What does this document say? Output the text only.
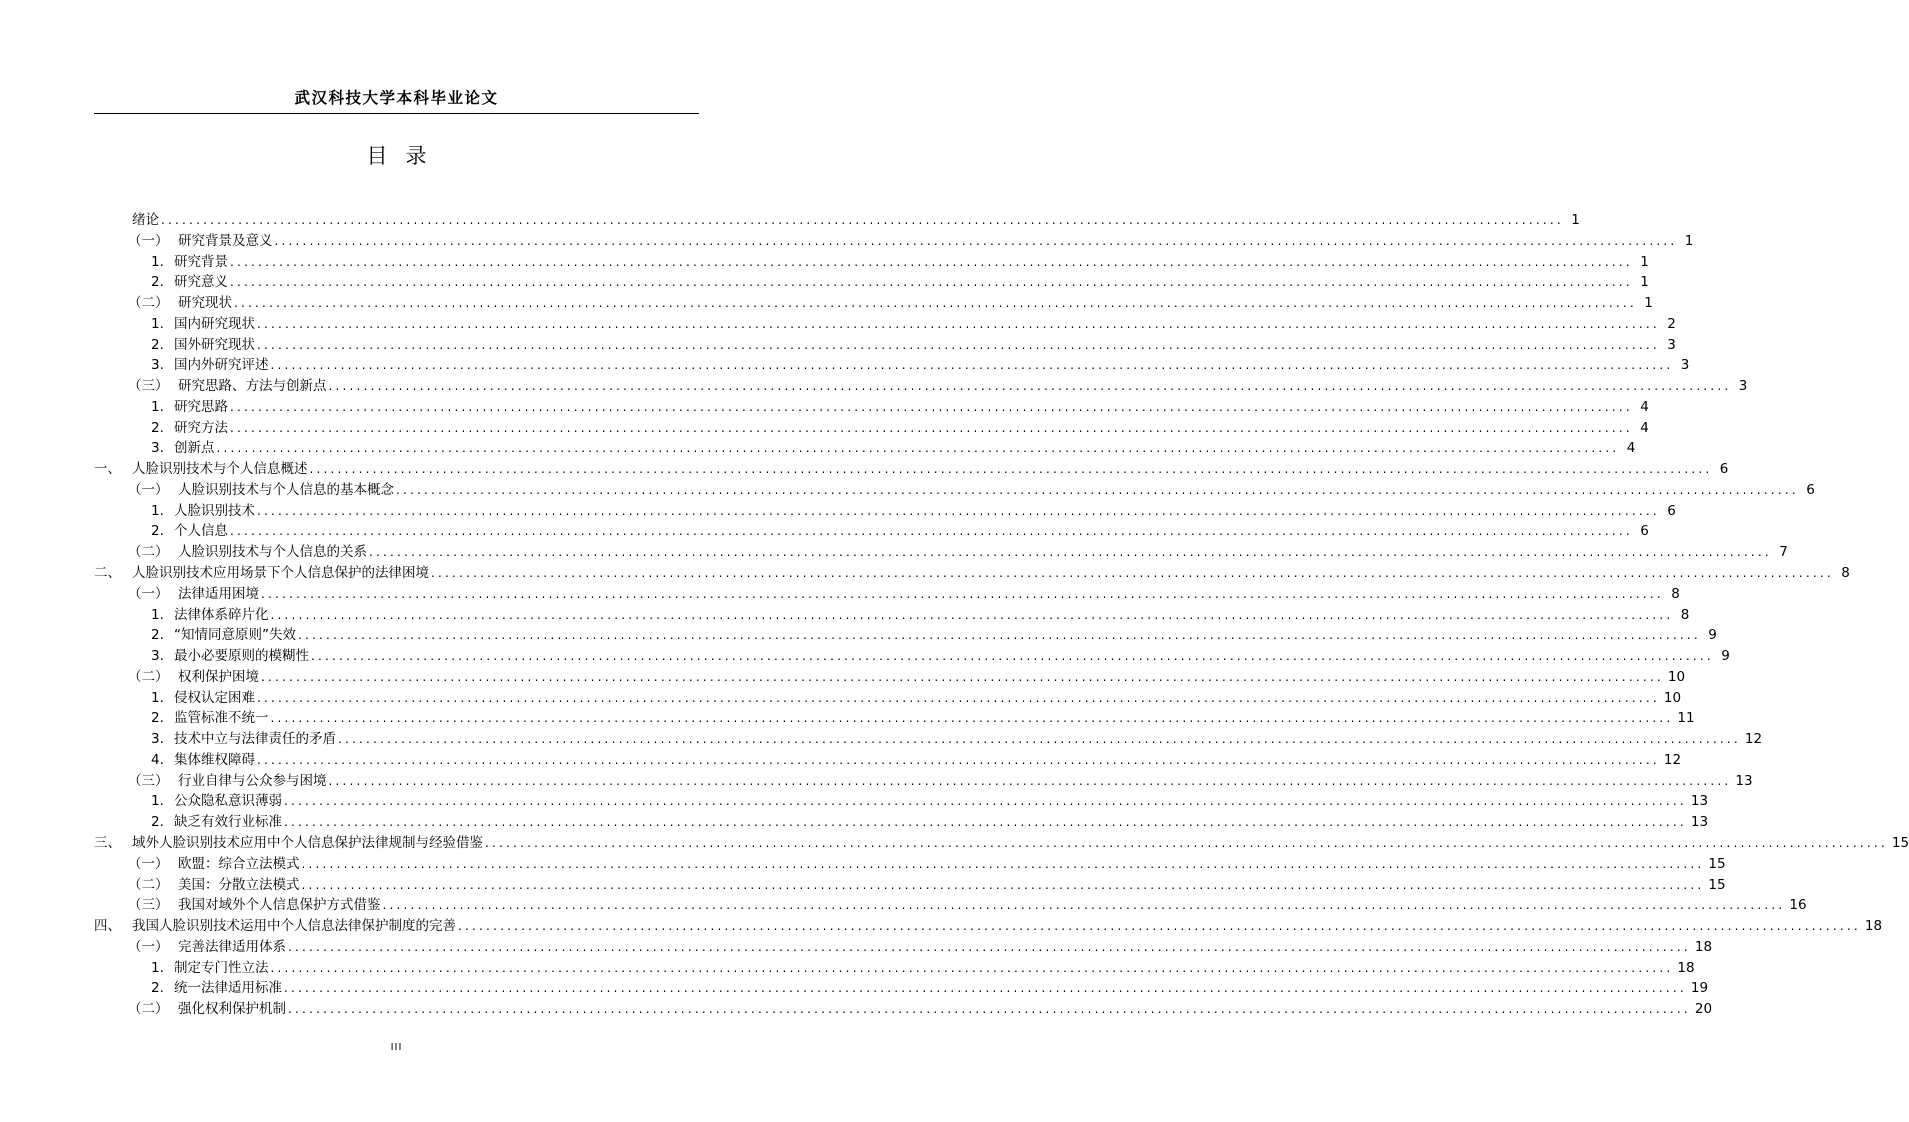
武汉科技大学本科毕业论文
目 录
绪论 ........................................................................................................................................................................................................ 1
（一） 研究背景及意义 ........................................................................................................................................................................................................ 1
1. 研究背景 ........................................................................................................................................................................................................ 1
2. 研究意义 ........................................................................................................................................................................................................ 1
（二） 研究现状 ........................................................................................................................................................................................................ 1
1. 国内研究现状 ........................................................................................................................................................................................................ 2
2. 国外研究现状 ........................................................................................................................................................................................................ 3
3. 国内外研究评述 ........................................................................................................................................................................................................ 3
（三） 研究思路、方法与创新点 ........................................................................................................................................................................................................ 3
1. 研究思路 ........................................................................................................................................................................................................ 4
2. 研究方法 ........................................................................................................................................................................................................ 4
3. 创新点 ........................................................................................................................................................................................................ 4
一、 人脸识别技术与个人信息概述 ........................................................................................................................................................................................................ 6
（一） 人脸识别技术与个人信息的基本概念 ........................................................................................................................................................................................................ 6
1. 人脸识别技术 ........................................................................................................................................................................................................ 6
2. 个人信息 ........................................................................................................................................................................................................ 6
（二） 人脸识别技术与个人信息的关系 ........................................................................................................................................................................................................ 7
二、 人脸识别技术应用场景下个人信息保护的法律困境 ........................................................................................................................................................................................................ 8
（一） 法律适用困境 ........................................................................................................................................................................................................ 8
1. 法律体系碎片化 ........................................................................................................................................................................................................ 8
2. “知情同意原则”失效 ........................................................................................................................................................................................................ 9
3. 最小必要原则的模糊性 ........................................................................................................................................................................................................ 9
（二） 权利保护困境 ........................................................................................................................................................................................................ 10
1. 侵权认定困难 ........................................................................................................................................................................................................ 10
2. 监管标准不统一 ........................................................................................................................................................................................................ 11
3. 技术中立与法律责任的矛盾 ........................................................................................................................................................................................................ 12
4. 集体维权障碍 ........................................................................................................................................................................................................ 12
（三） 行业自律与公众参与困境 ........................................................................................................................................................................................................ 13
1. 公众隐私意识薄弱 ........................................................................................................................................................................................................ 13
2. 缺乏有效行业标准 ........................................................................................................................................................................................................ 13
三、 域外人脸识别技术应用中个人信息保护法律规制与经验借鉴 ........................................................................................................................................................................................................ 15
（一） 欧盟：综合立法模式 ........................................................................................................................................................................................................ 15
（二） 美国：分散立法模式 ........................................................................................................................................................................................................ 15
（三） 我国对域外个人信息保护方式借鉴 ........................................................................................................................................................................................................ 16
四、 我国人脸识别技术运用中个人信息法律保护制度的完善 ........................................................................................................................................................................................................ 18
（一） 完善法律适用体系 ........................................................................................................................................................................................................ 18
1. 制定专门性立法 ........................................................................................................................................................................................................ 18
2. 统一法律适用标准 ........................................................................................................................................................................................................ 19
（二） 强化权利保护机制 ........................................................................................................................................................................................................ 20
III
